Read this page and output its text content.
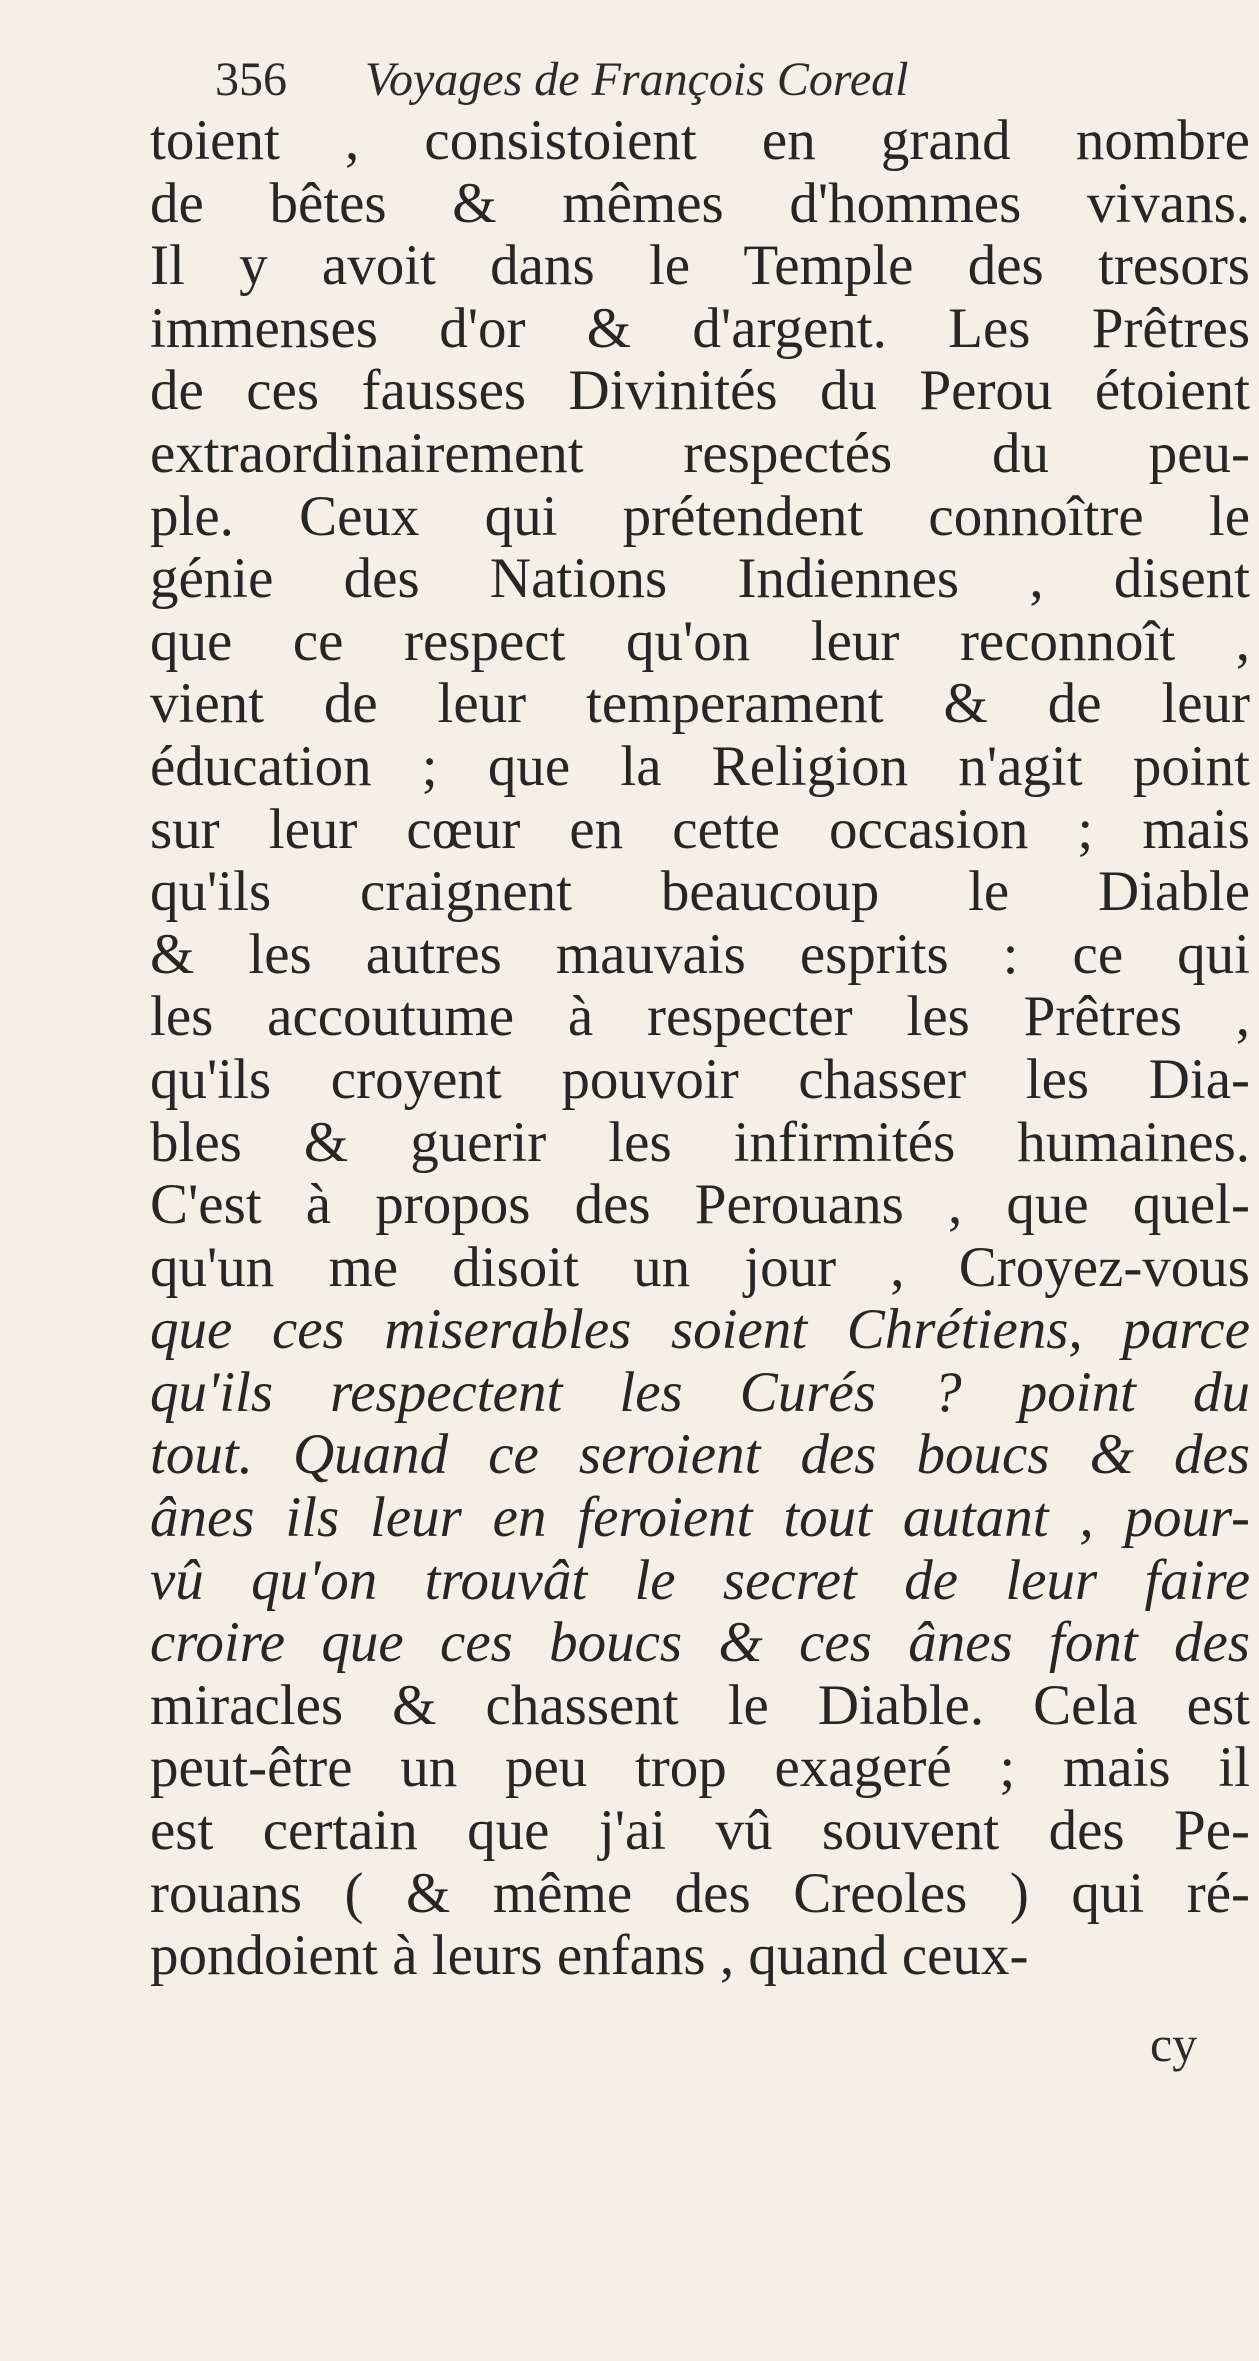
356 Voyages de François Coreal
toient , consistoient en grand nombre
de bêtes & mêmes d'hommes vivans.
Il y avoit dans le Temple des tresors
immenses d'or & d'argent. Les Prêtres
de ces fausses Divinités du Perou étoient
extraordinairement respectés du peu-
ple. Ceux qui prétendent connoître le
génie des Nations Indiennes , disent
que ce respect qu'on leur reconnoît ,
vient de leur temperament & de leur
éducation ; que la Religion n'agit point
sur leur cœur en cette occasion ; mais
qu'ils craignent beaucoup le Diable
& les autres mauvais esprits : ce qui
les accoutume à respecter les Prêtres ,
qu'ils croyent pouvoir chasser les Dia-
bles & guerir les infirmités humaines.
C'est à propos des Perouans , que quel-
qu'un me disoit un jour , Croyez-vous
que ces miserables soient Chrétiens, parce
qu'ils respectent les Curés ? point du
tout. Quand ce seroient des boucs & des
ânes ils leur en feroient tout autant , pour-
vû qu'on trouvât le secret de leur faire
croire que ces boucs & ces ânes font des
miracles & chassent le Diable. Cela est
peut-être un peu trop exageré ; mais il
est certain que j'ai vû souvent des Pe-
rouans ( & même des Creoles ) qui ré-
pondoient à leurs enfans , quand ceux-
cy
